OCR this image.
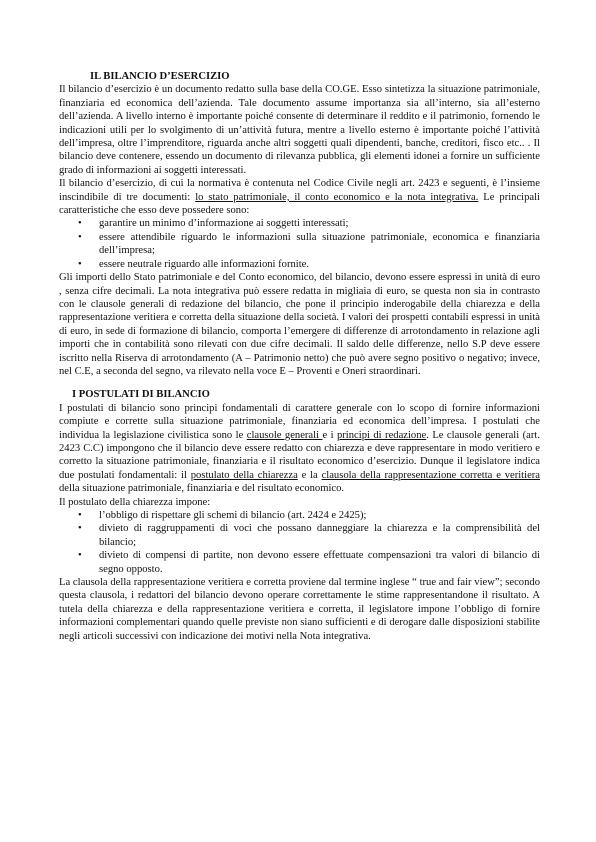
IL BILANCIO D’ESERCIZIO

Il bilancio d’esercizio è un documento redatto sulla base della CO.GE. Esso sintetizza la situazione patrimoniale, finanziaria ed economica dell’azienda. Tale documento assume importanza sia all’interno, sia all’esterno dell’azienda. A livello interno è importante poiché consente di determinare il reddito e il patrimonio, fornendo le indicazioni utili per lo svolgimento di un’attività futura, mentre a livello esterno è importante poiché l’attività dell’impresa, oltre l’imprenditore, riguarda anche altri soggetti quali dipendenti, banche, creditori, fisco etc.. . Il bilancio deve contenere, essendo un documento di rilevanza pubblica, gli elementi idonei a fornire un sufficiente grado di informazioni ai soggetti interessati.

Il bilancio d’esercizio, di cui la normativa è contenuta nel Codice Civile negli art. 2423 e seguenti, è l’insieme inscindibile di tre documenti: lo stato patrimoniale, il conto economico e la nota integrativa. Le principali caratteristiche che esso deve possedere sono:

• garantire un minimo d’informazione ai soggetti interessati;
• essere attendibile riguardo le informazioni sulla situazione patrimoniale, economica e finanziaria dell’impresa;
• essere neutrale riguardo alle informazioni fornite.

Gli importi dello Stato patrimoniale e del Conto economico, del bilancio, devono essere espressi in unità di euro , senza cifre decimali. La nota integrativa può essere redatta in migliaia di euro, se questa non sia in contrasto con le clausole generali di redazione del bilancio, che pone il principio inderogabile della chiarezza e della rappresentazione veritiera e corretta della situazione della società. I valori dei prospetti contabili espressi in unità di euro, in sede di formazione di bilancio, comporta l’emergere di differenze di arrotondamento in relazione agli importi che in contabilità sono rilevati con due cifre decimali. Il saldo delle differenze, nello S.P deve essere iscritto nella Riserva di arrotondamento (A – Patrimonio netto) che può avere segno positivo o negativo; invece, nel C.E, a seconda del segno, va rilevato nella voce E – Proventi e Oneri straordinari.

I POSTULATI DI BILANCIO

I postulati di bilancio sono principi fondamentali di carattere generale con lo scopo di fornire informazioni compiute e corrette sulla situazione patrimoniale, finanziaria ed economica dell’impresa. I postulati che individua la legislazione civilistica sono le clausole generali e i principi di redazione. Le clausole generali (art. 2423 C.C) impongono che il bilancio deve essere redatto con chiarezza e deve rappresentare in modo veritiero e corretto la situazione patrimoniale, finanziaria e il risultato economico d’esercizio. Dunque il legislatore indica due postulati fondamentali: il postulato della chiarezza e la clausola della rappresentazione corretta e veritiera della situazione patrimoniale, finanziaria e del risultato economico.

Il postulato della chiarezza impone:

• l’obbligo di rispettare gli schemi di bilancio (art. 2424 e 2425);
• divieto di raggruppamenti di voci che possano danneggiare la chiarezza e la comprensibilità del bilancio;
• divieto di compensi di partite, non devono essere effettuate compensazioni tra valori di bilancio di segno opposto.

La clausola della rappresentazione veritiera e corretta proviene dal termine inglese “ true and fair view”; secondo questa clausola, i redattori del bilancio devono operare correttamente le stime rappresentandone il risultato. A tutela della chiarezza e della rappresentazione veritiera e corretta, il legislatore impone l’obbligo di fornire informazioni complementari quando quelle previste non siano sufficienti e di derogare dalle disposizioni stabilite negli articoli successivi con indicazione dei motivi nella Nota integrativa.
